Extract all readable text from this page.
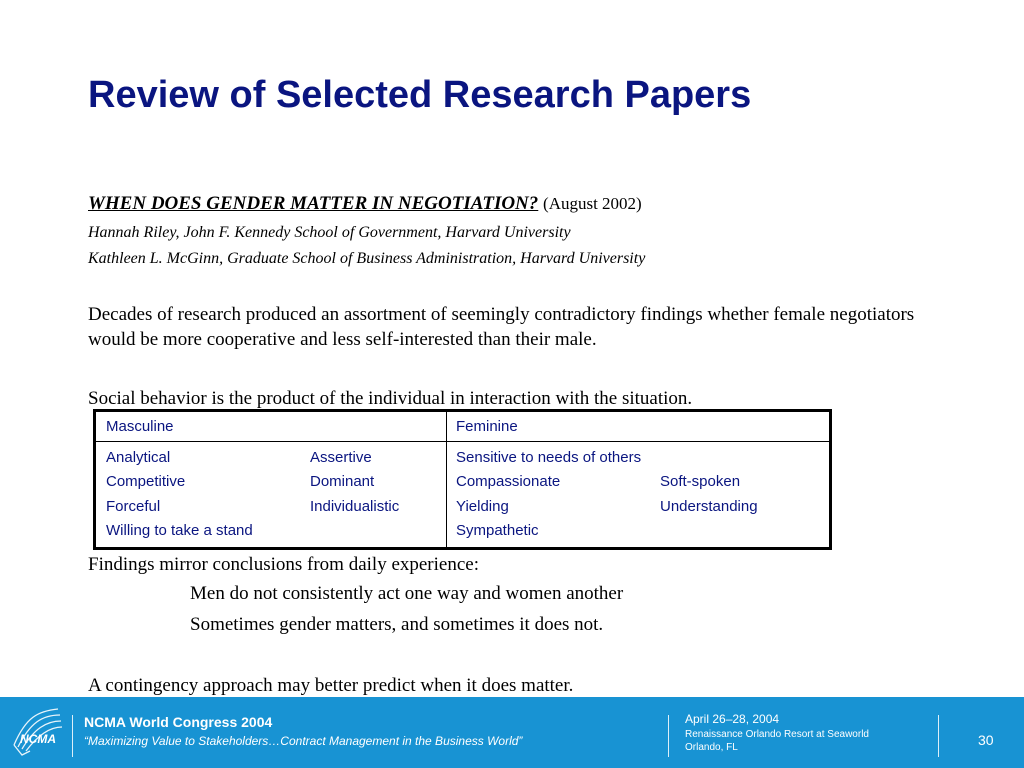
Review of Selected Research Papers
WHEN DOES GENDER MATTER IN NEGOTIATION? (August 2002)
Hannah Riley, John F. Kennedy School of Government, Harvard University
Kathleen L. McGinn, Graduate School of Business Administration, Harvard University
Decades of research produced an assortment of seemingly contradictory findings whether female negotiators would be more cooperative and less self-interested than their male.
Social behavior is the product of the individual in interaction with the situation.
Masculine	Feminine
Analytical
Competitive
Forceful
Willing to take a stand
Assertive
Dominant
Individualistic
Sensitive to needs of others
Compassionate
Yielding
Sympathetic
Soft-spoken
Understanding
Findings mirror conclusions from daily experience:
Men do not consistently act one way and women another
Sometimes gender matters, and sometimes it does not.
A contingency approach may better predict when it does matter.
NCMA
NCMA World Congress 2004
“Maximizing Value to Stakeholders…Contract Management in the Business World”
April 26–28, 2004
Renaissance Orlando Resort at Seaworld
Orlando, FL	30
